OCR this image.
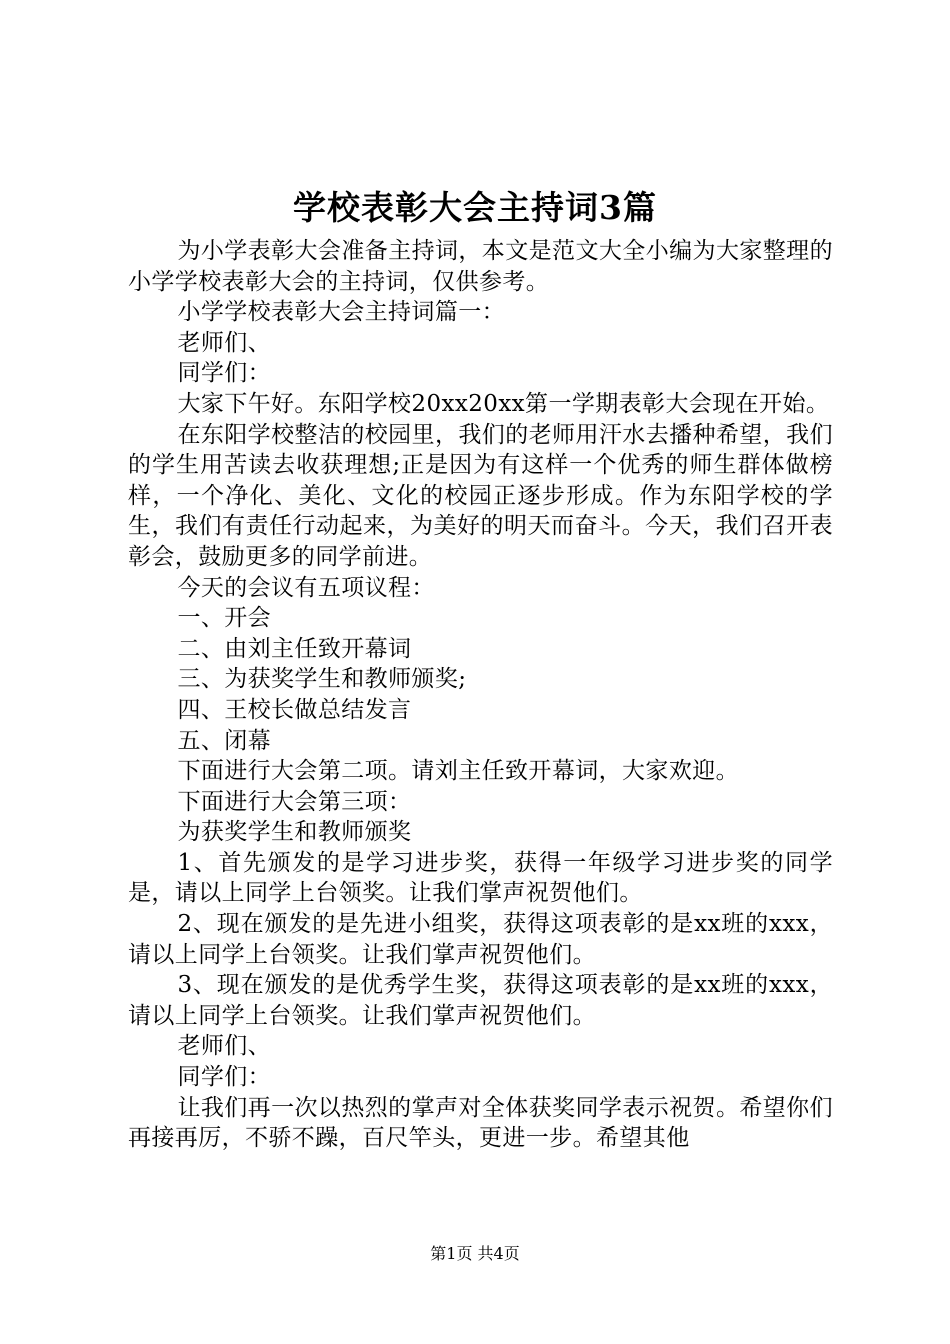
学校表彰大会主持词3篇

为小学表彰大会准备主持词，本文是范文大全小编为大家整理的小学学校表彰大会的主持词，仅供参考。

小学学校表彰大会主持词篇一：

老师们、

同学们：

大家下午好。东阳学校20xx20xx第一学期表彰大会现在开始。

在东阳学校整洁的校园里，我们的老师用汗水去播种希望，我们的学生用苦读去收获理想;正是因为有这样一个优秀的师生群体做榜样，一个净化、美化、文化的校园正逐步形成。作为东阳学校的学生，我们有责任行动起来，为美好的明天而奋斗。今天，我们召开表彰会，鼓励更多的同学前进。

今天的会议有五项议程：

一、开会

二、由刘主任致开幕词

三、为获奖学生和教师颁奖;

四、王校长做总结发言

五、闭幕

下面进行大会第二项。请刘主任致开幕词，大家欢迎。

下面进行大会第三项：

为获奖学生和教师颁奖

1、首先颁发的是学习进步奖，获得一年级学习进步奖的同学是，请以上同学上台领奖。让我们掌声祝贺他们。

2、现在颁发的是先进小组奖，获得这项表彰的是xx班的xxx，请以上同学上台领奖。让我们掌声祝贺他们。

3、现在颁发的是优秀学生奖，获得这项表彰的是xx班的xxx，请以上同学上台领奖。让我们掌声祝贺他们。

老师们、

同学们：

让我们再一次以热烈的掌声对全体获奖同学表示祝贺。希望你们再接再厉，不骄不躁，百尺竿头，更进一步。希望其他

第1页 共4页
